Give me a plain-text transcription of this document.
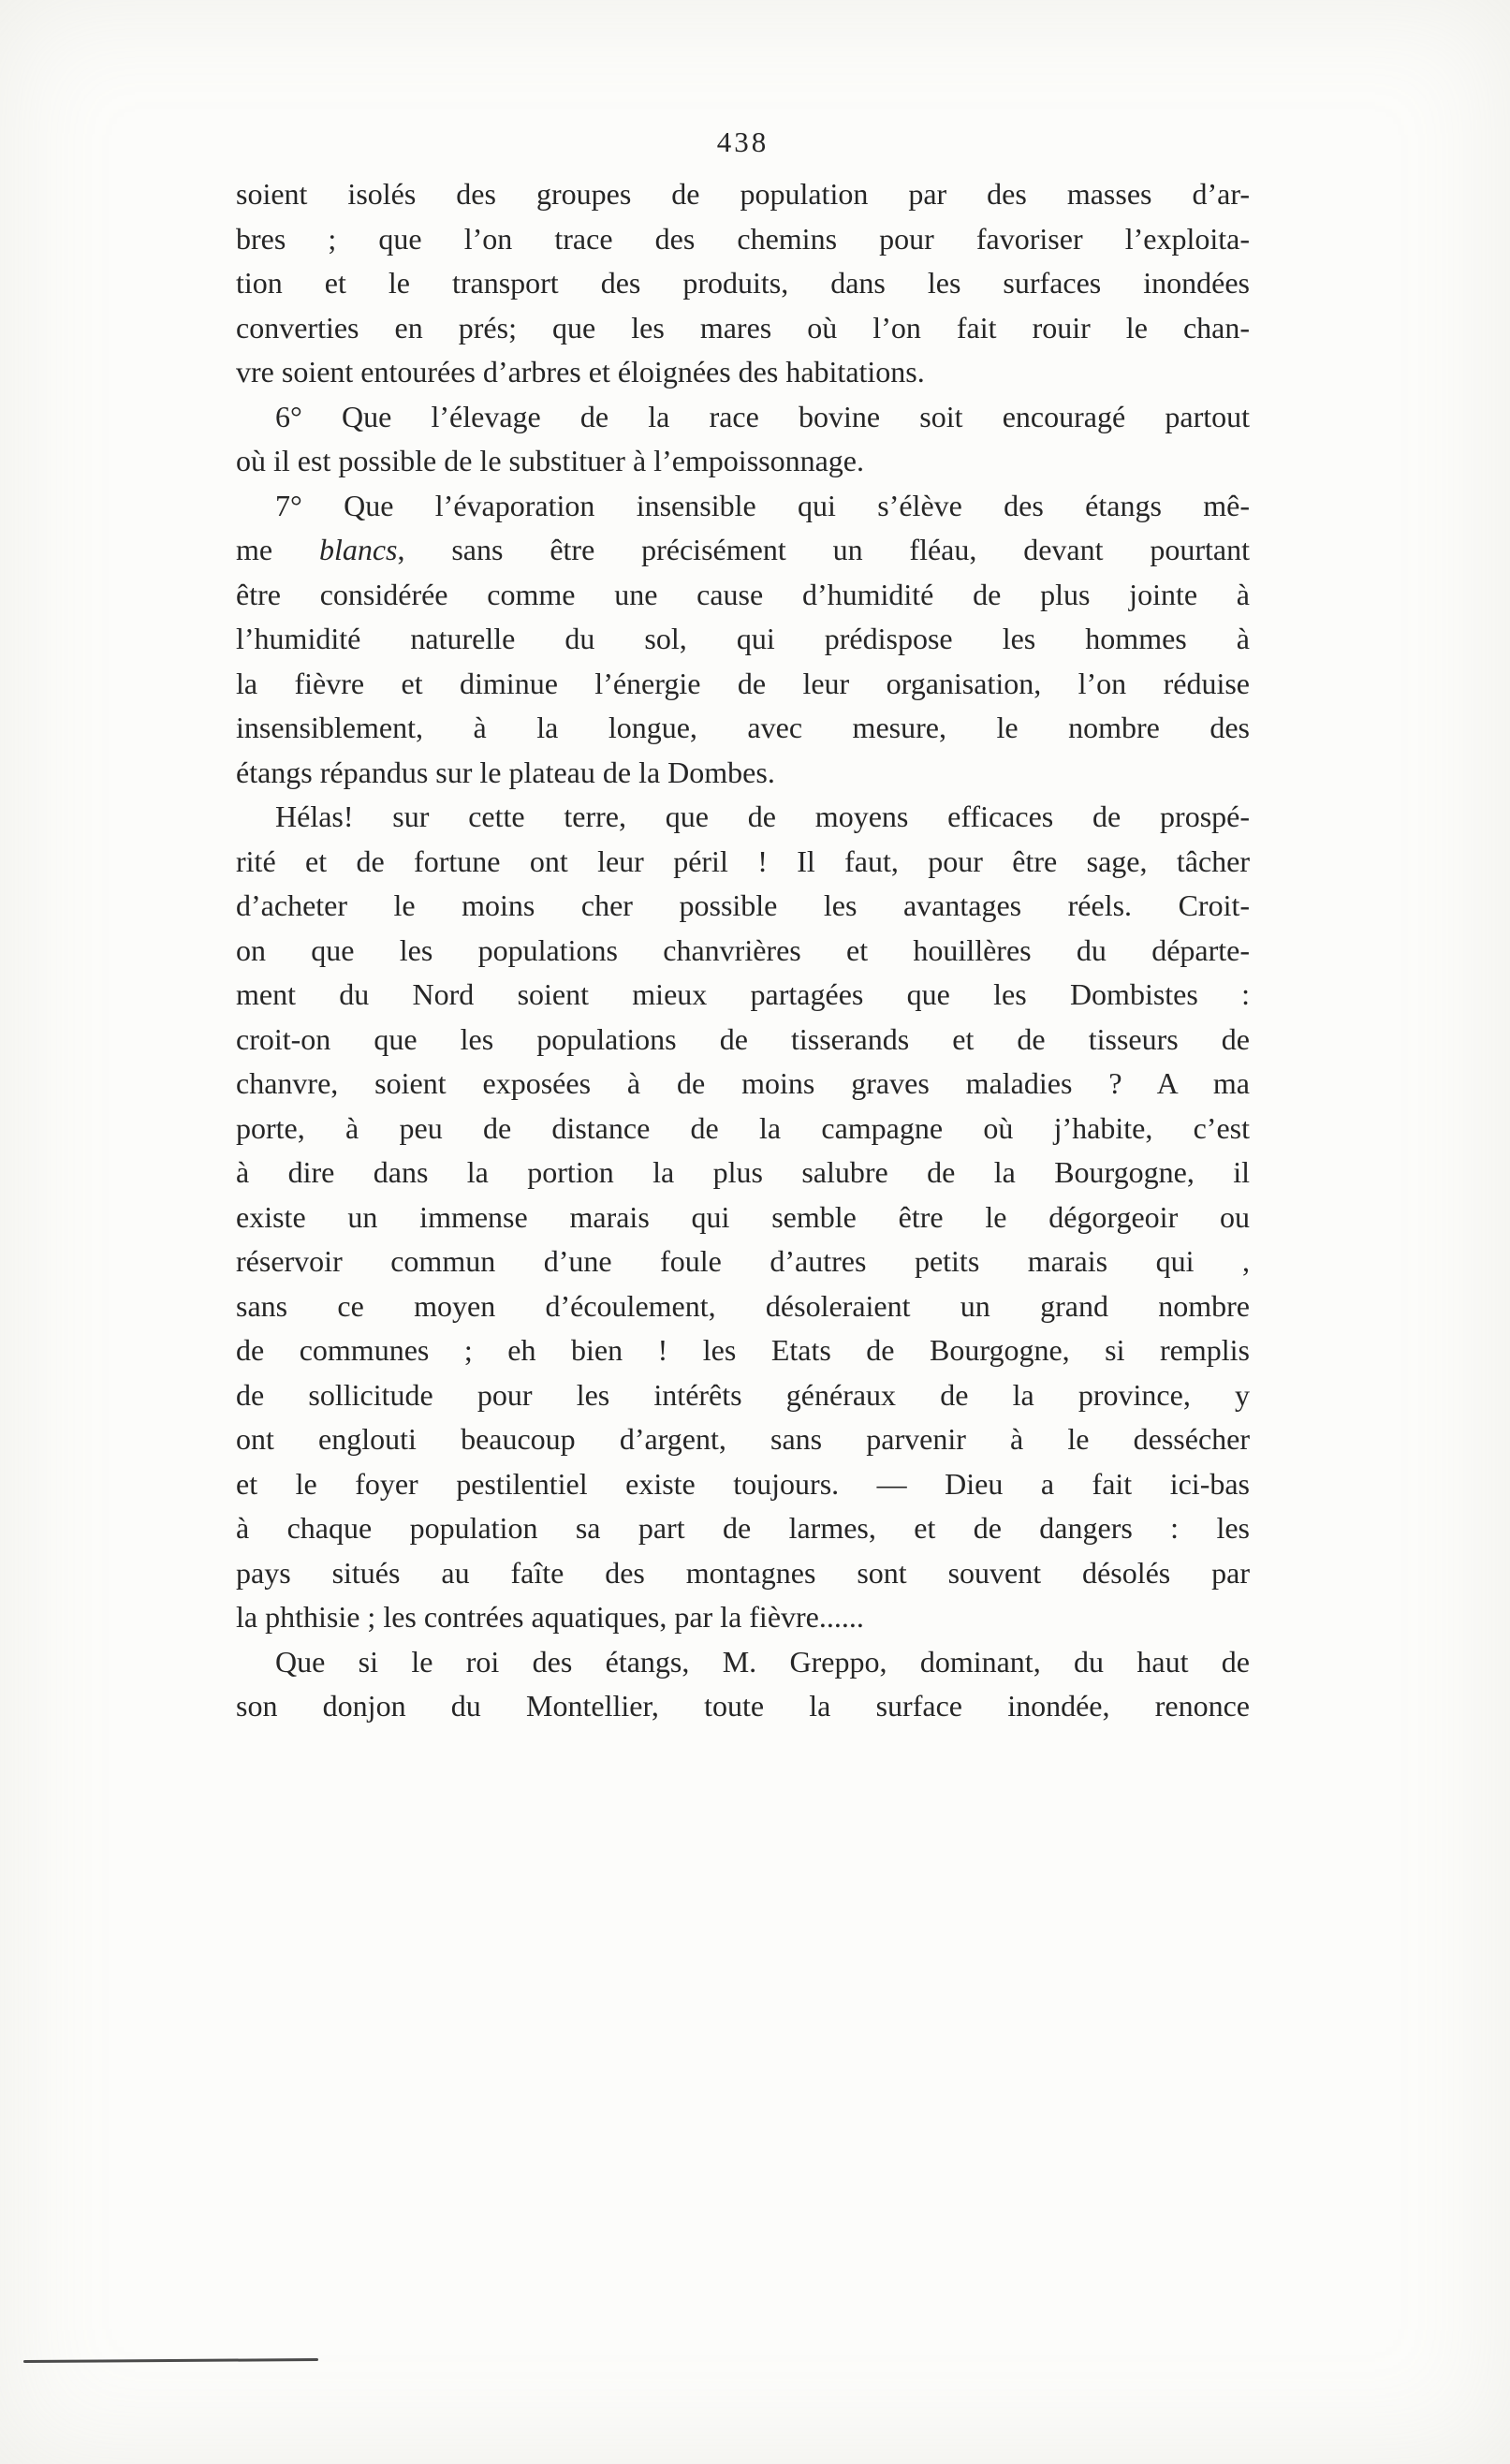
438
soient isolés des groupes de population par des masses d’ar-
bres ; que l’on trace des chemins pour favoriser l’exploita-
tion et le transport des produits, dans les surfaces inondées
converties en prés; que les mares où l’on fait rouir le chan-
vre soient entourées d’arbres et éloignées des habitations.
6° Que l’élevage de la race bovine soit encouragé partout
où il est possible de le substituer à l’empoissonnage.
7° Que l’évaporation insensible qui s’élève des étangs mê-
me blancs, sans être précisément un fléau, devant pourtant
être considérée comme une cause d’humidité de plus jointe à
l’humidité naturelle du sol, qui prédispose les hommes à
la fièvre et diminue l’énergie de leur organisation, l’on réduise
insensiblement, à la longue, avec mesure, le nombre des
étangs répandus sur le plateau de la Dombes.
Hélas! sur cette terre, que de moyens efficaces de prospé-
rité et de fortune ont leur péril ! Il faut, pour être sage, tâcher
d’acheter le moins cher possible les avantages réels. Croit-
on que les populations chanvrières et houillères du départe-
ment du Nord soient mieux partagées que les Dombistes :
croit-on que les populations de tisserands et de tisseurs de
chanvre, soient exposées à de moins graves maladies ? A ma
porte, à peu de distance de la campagne où j’habite, c’est
à dire dans la portion la plus salubre de la Bourgogne, il
existe un immense marais qui semble être le dégorgeoir ou
réservoir commun d’une foule d’autres petits marais qui ,
sans ce moyen d’écoulement, désoleraient un grand nombre
de communes ; eh bien ! les Etats de Bourgogne, si remplis
de sollicitude pour les intérêts généraux de la province, y
ont englouti beaucoup d’argent, sans parvenir à le dessécher
et le foyer pestilentiel existe toujours. — Dieu a fait ici-bas
à chaque population sa part de larmes, et de dangers : les
pays situés au faîte des montagnes sont souvent désolés par
la phthisie ; les contrées aquatiques, par la fièvre......
Que si le roi des étangs, M. Greppo, dominant, du haut de
son donjon du Montellier, toute la surface inondée, renonce
